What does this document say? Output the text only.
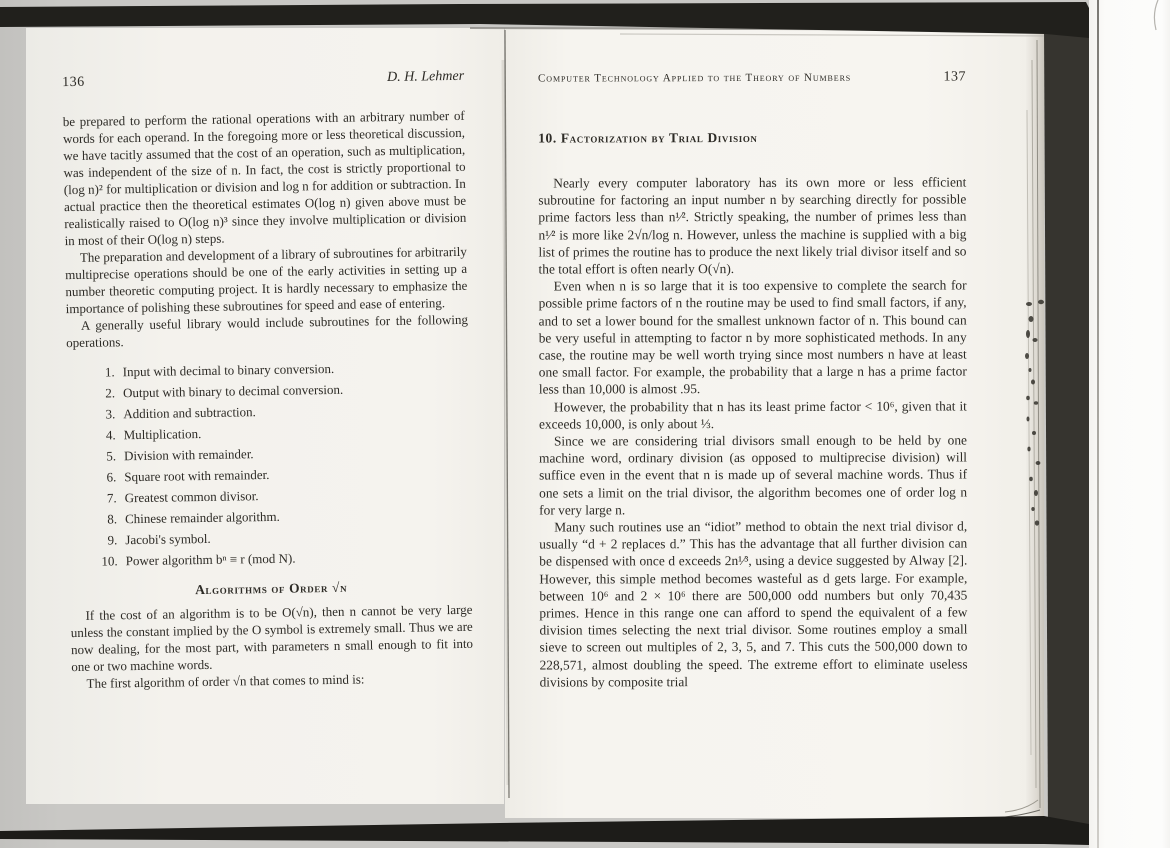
136	D. H. Lehmer

be prepared to perform the rational operations with an arbitrary number of words for each operand. In the foregoing more or less theoretical discussion, we have tacitly assumed that the cost of an operation, such as multiplication, was independent of the size of n. In fact, the cost is strictly proportional to (log n)² for multiplication or division and log n for addition or subtraction. In actual practice then the theoretical estimates O(log n) given above must be realistically raised to O(log n)³ since they involve multiplication or division in most of their O(log n) steps.

The preparation and development of a library of subroutines for arbitrarily multiprecise operations should be one of the early activities in setting up a number theoretic computing project. It is hardly necessary to emphasize the importance of polishing these subroutines for speed and ease of entering.

A generally useful library would include subroutines for the following operations.

1. Input with decimal to binary conversion.
2. Output with binary to decimal conversion.
3. Addition and subtraction.
4. Multiplication.
5. Division with remainder.
6. Square root with remainder.
7. Greatest common divisor.
8. Chinese remainder algorithm.
9. Jacobi's symbol.
10. Power algorithm bⁿ ≡ r (mod N).
Algorithms of Order √n

If the cost of an algorithm is to be O(√n), then n cannot be very large unless the constant implied by the O symbol is extremely small. Thus we are now dealing, for the most part, with parameters n small enough to fit into one or two machine words.

The first algorithm of order √n that comes to mind is:

Computer Technology Applied to the Theory of Numbers	137
10. Factorization by Trial Division

Nearly every computer laboratory has its own more or less efficient subroutine for factoring an input number n by searching directly for possible prime factors less than n¹⁄². Strictly speaking, the number of primes less than n¹⁄² is more like 2√n/log n. However, unless the machine is supplied with a big list of primes the routine has to produce the next likely trial divisor itself and so the total effort is often nearly O(√n).

Even when n is so large that it is too expensive to complete the search for possible prime factors of n the routine may be used to find small factors, if any, and to set a lower bound for the smallest unknown factor of n. This bound can be very useful in attempting to factor n by more sophisticated methods. In any case, the routine may be well worth trying since most numbers n have at least one small factor. For example, the probability that a large n has a prime factor less than 10,000 is almost .95.

However, the probability that n has its least prime factor < 10⁶, given that it exceeds 10,000, is only about ⅓.

Since we are considering trial divisors small enough to be held by one machine word, ordinary division (as opposed to multiprecise division) will suffice even in the event that n is made up of several machine words. Thus if one sets a limit on the trial divisor, the algorithm becomes one of order log n for very large n.

Many such routines use an “idiot” method to obtain the next trial divisor d, usually “d + 2 replaces d.” This has the advantage that all further division can be dispensed with once d exceeds 2n¹⁄³, using a device suggested by Alway [2]. However, this simple method becomes wasteful as d gets large. For example, between 10⁶ and 2 × 10⁶ there are 500,000 odd numbers but only 70,435 primes. Hence in this range one can afford to spend the equivalent of a few division times selecting the next trial divisor. Some routines employ a small sieve to screen out multiples of 2, 3, 5, and 7. This cuts the 500,000 down to 228,571, almost doubling the speed. The extreme effort to eliminate useless divisions by composite trial
